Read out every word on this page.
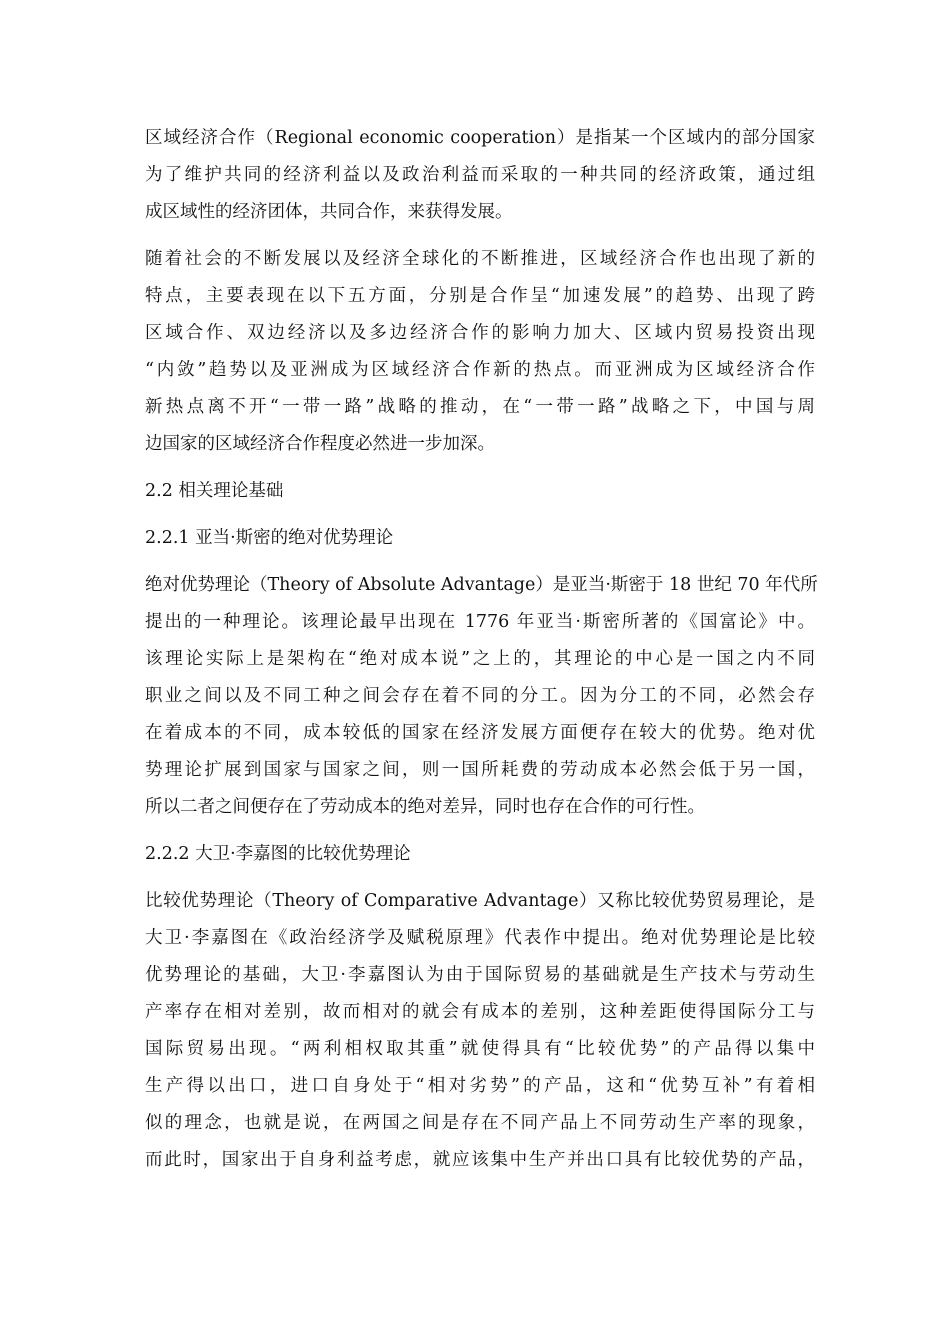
区域经济合作（Regional economic cooperation）是指某一个区域内的部分国家
为了维护共同的经济利益以及政治利益而采取的一种共同的经济政策，通过组
成区域性的经济团体，共同合作，来获得发展。
随着社会的不断发展以及经济全球化的不断推进，区域经济合作也出现了新的
特点，主要表现在以下五方面，分别是合作呈“加速发展”的趋势、出现了跨
区域合作、双边经济以及多边经济合作的影响力加大、区域内贸易投资出现
“内敛”趋势以及亚洲成为区域经济合作新的热点。而亚洲成为区域经济合作
新热点离不开“一带一路”战略的推动，在“一带一路”战略之下，中国与周
边国家的区域经济合作程度必然进一步加深。
2.2 相关理论基础
2.2.1 亚当·斯密的绝对优势理论
绝对优势理论（Theory of Absolute Advantage）是亚当·斯密于 18 世纪 70 年代所
提出的一种理论。该理论最早出现在 1776 年亚当·斯密所著的《国富论》中。
该理论实际上是架构在“绝对成本说”之上的，其理论的中心是一国之内不同
职业之间以及不同工种之间会存在着不同的分工。因为分工的不同，必然会存
在着成本的不同，成本较低的国家在经济发展方面便存在较大的优势。绝对优
势理论扩展到国家与国家之间，则一国所耗费的劳动成本必然会低于另一国，
所以二者之间便存在了劳动成本的绝对差异，同时也存在合作的可行性。
2.2.2 大卫·李嘉图的比较优势理论
比较优势理论（Theory of Comparative Advantage）又称比较优势贸易理论，是
大卫·李嘉图在《政治经济学及赋税原理》代表作中提出。绝对优势理论是比较
优势理论的基础，大卫·李嘉图认为由于国际贸易的基础就是生产技术与劳动生
产率存在相对差别，故而相对的就会有成本的差别，这种差距使得国际分工与
国际贸易出现。“两利相权取其重”就使得具有“比较优势”的产品得以集中
生产得以出口，进口自身处于“相对劣势”的产品，这和“优势互补”有着相
似的理念，也就是说，在两国之间是存在不同产品上不同劳动生产率的现象，
而此时，国家出于自身利益考虑，就应该集中生产并出口具有比较优势的产品，
